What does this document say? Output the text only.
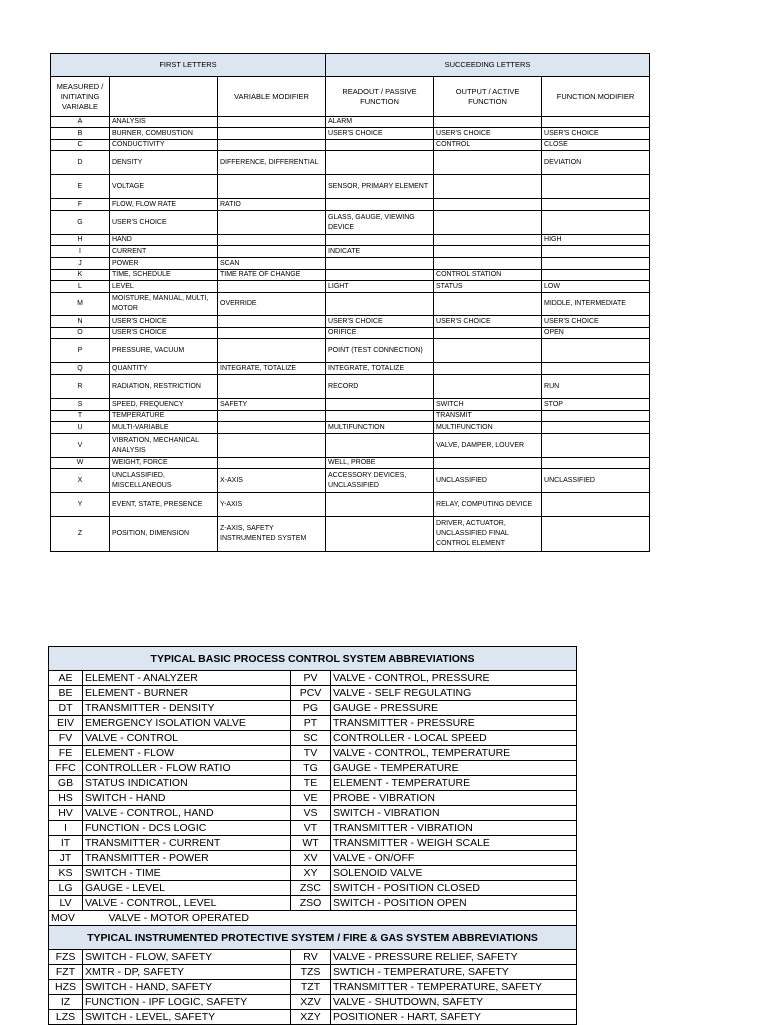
FIRST LETTERS			SUCCEEDING LETTERS		
MEASURED / INITIATING VARIABLE		VARIABLE MODIFIER	READOUT / PASSIVE FUNCTION	OUTPUT / ACTIVE FUNCTION	FUNCTION MODIFIER
A	ANALYSIS		ALARM		
B	BURNER, COMBUSTION		USER'S CHOICE	USER'S CHOICE	USER'S CHOICE
C	CONDUCTIVITY			CONTROL	CLOSE
D	DENSITY	DIFFERENCE, DIFFERENTIAL			DEVIATION
E	VOLTAGE		SENSOR, PRIMARY ELEMENT		
F	FLOW, FLOW RATE	RATIO			
G	USER'S CHOICE		GLASS, GAUGE, VIEWING DEVICE		
H	HAND				HIGH
I	CURRENT		INDICATE		
J	POWER	SCAN			
K	TIME, SCHEDULE	TIME RATE OF CHANGE		CONTROL STATION	
L	LEVEL		LIGHT	STATUS	LOW
M	MOISTURE, MANUAL, MULTI, MOTOR	OVERRIDE			MIDDLE, INTERMEDIATE
N	USER'S CHOICE		USER'S CHOICE	USER'S CHOICE	USER'S CHOICE
O	USER'S CHOICE		ORIFICE		OPEN
P	PRESSURE, VACUUM		POINT (TEST CONNECTION)		
Q	QUANTITY	INTEGRATE, TOTALIZE	INTEGRATE, TOTALIZE		
R	RADIATION, RESTRICTION		RECORD		RUN
S	SPEED, FREQUENCY	SAFETY		SWITCH	STOP
T	TEMPERATURE			TRANSMIT	
U	MULTI-VARIABLE		MULTIFUNCTION	MULTIFUNCTION	
V	VIBRATION, MECHANICAL ANALYSIS			VALVE, DAMPER, LOUVER	
W	WEIGHT, FORCE		WELL, PROBE		
X	UNCLASSIFIED, MISCELLANEOUS	X-AXIS	ACCESSORY DEVICES, UNCLASSIFIED	UNCLASSIFIED	UNCLASSIFIED
Y	EVENT, STATE, PRESENCE	Y-AXIS		RELAY, COMPUTING DEVICE	
Z	POSITION, DIMENSION	Z-AXIS, SAFETY INSTRUMENTED SYSTEM		DRIVER, ACTUATOR, UNCLASSIFIED FINAL CONTROL ELEMENT	
TYPICAL BASIC PROCESS CONTROL SYSTEM ABBREVIATIONS			
AE	ELEMENT - ANALYZER	PV	VALVE - CONTROL, PRESSURE
BE	ELEMENT - BURNER	PCV	VALVE - SELF REGULATING
DT	TRANSMITTER - DENSITY	PG	GAUGE - PRESSURE
EIV	EMERGENCY ISOLATION VALVE	PT	TRANSMITTER - PRESSURE
FV	VALVE - CONTROL	SC	CONTROLLER - LOCAL SPEED
FE	ELEMENT - FLOW	TV	VALVE - CONTROL, TEMPERATURE
FFC	CONTROLLER - FLOW RATIO	TG	GAUGE - TEMPERATURE
GB	STATUS INDICATION	TE	ELEMENT - TEMPERATURE
HS	SWITCH - HAND	VE	PROBE - VIBRATION
HV	VALVE - CONTROL, HAND	VS	SWITCH - VIBRATION
I	FUNCTION - DCS LOGIC	VT	TRANSMITTER - VIBRATION
IT	TRANSMITTER - CURRENT	WT	TRANSMITTER - WEIGH SCALE
JT	TRANSMITTER - POWER	XV	VALVE - ON/OFF
KS	SWITCH - TIME	XY	SOLENOID VALVE
LG	GAUGE - LEVEL	ZSC	SWITCH - POSITION CLOSED
LV	VALVE - CONTROL, LEVEL	ZSO	SWITCH - POSITION OPEN
MOV	VALVE - MOTOR OPERATED		
TYPICAL INSTRUMENTED PROTECTIVE SYSTEM / FIRE & GAS SYSTEM ABBREVIATIONS			
FZS	SWITCH - FLOW, SAFETY	RV	VALVE - PRESSURE RELIEF, SAFETY
FZT	XMTR - DP, SAFETY	TZS	SWTICH - TEMPERATURE, SAFETY
HZS	SWITCH - HAND, SAFETY	TZT	TRANSMITTER - TEMPERATURE, SAFETY
IZ	FUNCTION - IPF LOGIC, SAFETY	XZV	VALVE - SHUTDOWN, SAFETY
LZS	SWITCH - LEVEL, SAFETY	XZY	POSITIONER - HART, SAFETY
